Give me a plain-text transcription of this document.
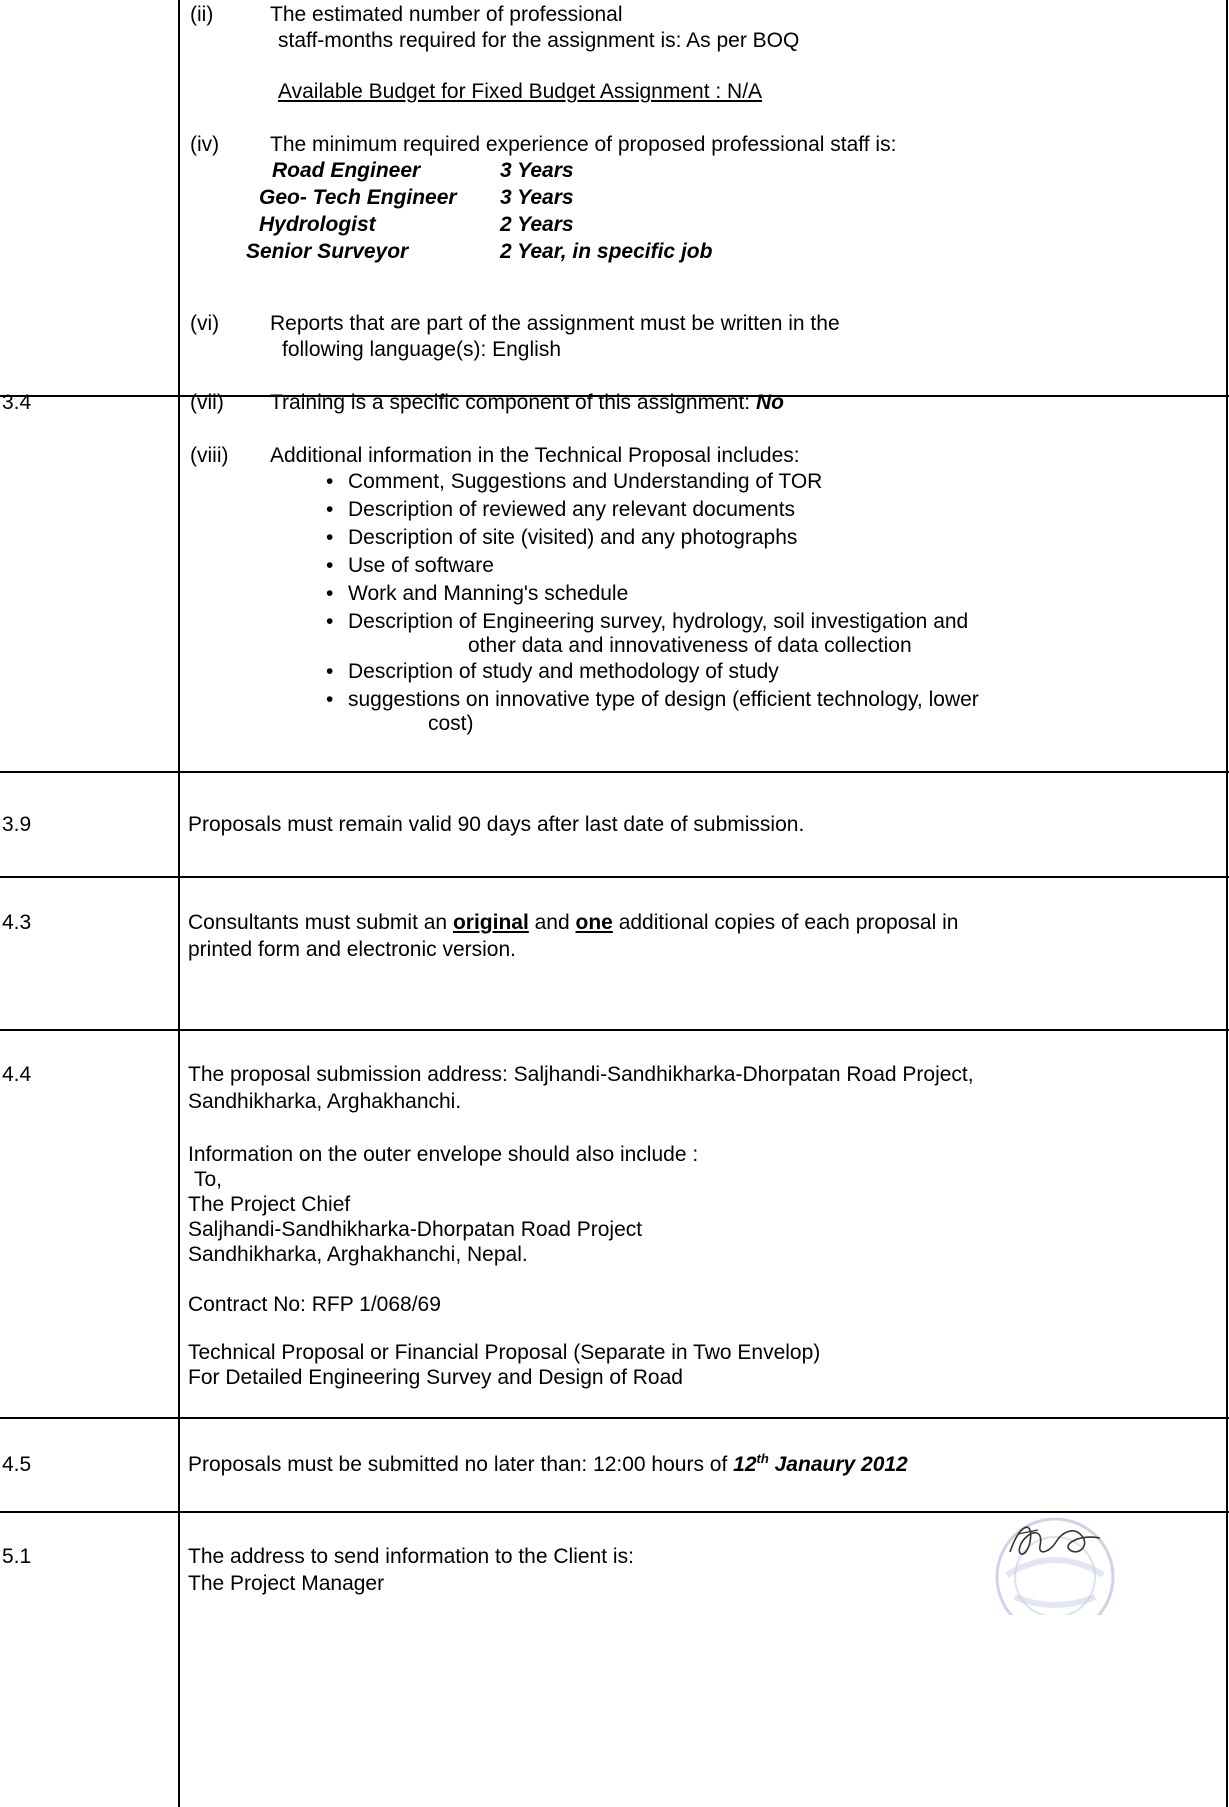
(ii)	The estimated number of professional
staff-months required for the assignment is: As per BOQ
Available Budget for Fixed Budget Assignment : N/A
(iv) The minimum required experience of proposed professional staff is:
Road Engineer	3 Years
Geo- Tech Engineer 3 Years
Hydrologist	2 Years
Senior Surveyor	2 Year, in specific job
(vi) Reports that are part of the assignment must be written in the
following language(s): English
3.4	(vii) Training is a specific component of this assignment: No
(viii) Additional information in the Technical Proposal includes:
• Comment, Suggestions and Understanding of TOR
• Description of reviewed any relevant documents
• Description of site (visited) and any photographs
• Use of software
• Work and Manning's schedule
• Description of Engineering survey, hydrology, soil investigation and
other data and innovativeness of data collection
• Description of study and methodology of study
• suggestions on innovative type of design (efficient technology, lower
cost)
3.9	Proposals must remain valid 90 days after last date of submission.
4.3	Consultants must submit an original and one additional copies of each proposal in
printed form and electronic version.
4.4	The proposal submission address: Saljhandi-Sandhikharka-Dhorpatan Road Project,
Sandhikharka, Arghakhanchi.
Information on the outer envelope should also include :
To,
The Project Chief
Saljhandi-Sandhikharka-Dhorpatan Road Project
Sandhikharka, Arghakhanchi, Nepal.
Contract No: RFP 1/068/69
Technical Proposal or Financial Proposal (Separate in Two Envelop)
For Detailed Engineering Survey and Design of Road
4.5	Proposals must be submitted no later than: 12:00 hours of 12th Janaury 2012
5.1	The address to send information to the Client is:
The Project Manager
